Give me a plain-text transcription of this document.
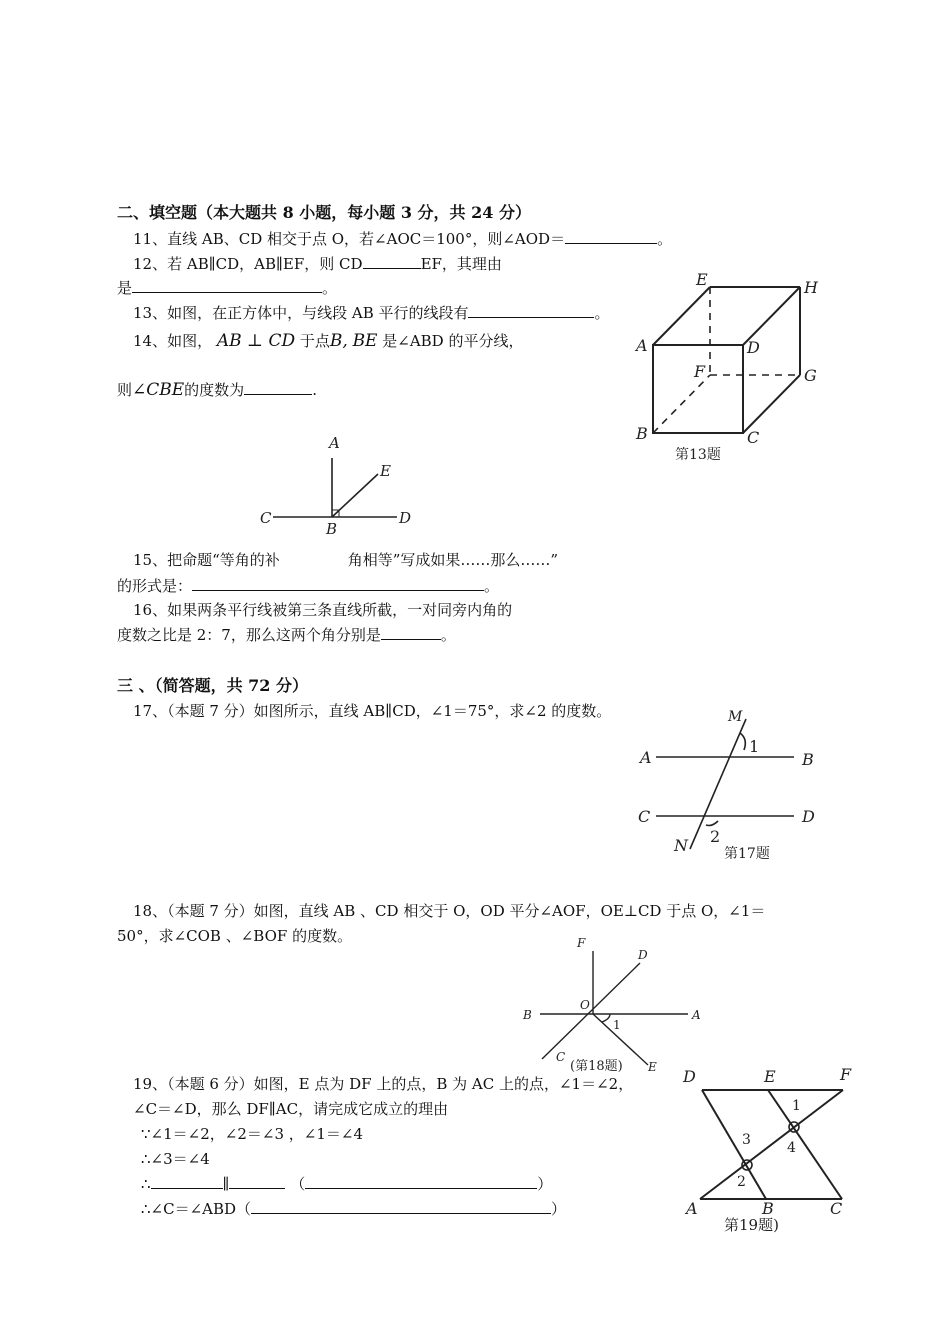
二、填空题（本大题共 8 小题，每小题 3 分，共 24 分）
11、直线 AB、CD 相交于点 O，若∠AOC＝100°，则∠AOD＝	。
12、若 AB∥CD，AB∥EF，则 CD	EF，其理由
是	。
13、如图，在正方体中，与线段 AB 平行的线段有	。
14、如图， AB ⊥ CD 于点B, BE 是∠ABD 的平分线，
则∠CBE的度数为	.
E	H
A	D
F	G
B	C
第13题
A
E
C
B
D
15、把命题“等角的补	角相等”写成如果……那么……”
的形式是：	。
16、如果两条平行线被第三条直线所截，一对同旁内角的
度数之比是 2：7，那么这两个角分别是	。
三 、（简答题，共 72 分）
17、（本题 7 分）如图所示，直线 AB∥CD，∠1＝75°，求∠2 的度数。	M
1
A	B
C	D
N 2
第17题
18、（本题 7 分）如图，直线 AB 、CD 相交于 O，OD 平分∠AOF，OE⊥CD 于点 O，∠1＝
50°，求∠COB 、∠BOF 的度数。	F
D
O
B	A
1
C
E
(第18题)
19、（本题 6 分）如图，E 点为 DF 上的点，B 为 AC 上的点，∠1＝∠2，
∠C＝∠D，那么 DF∥AC，请完成它成立的理由
∵∠1＝∠2，∠2＝∠3 ，∠1＝∠4
∴∠3＝∠4
∴	∥	（	）
∴∠C＝∠ABD（	）
D	E	F
1
3	4
2
A	B	C
第19题)
